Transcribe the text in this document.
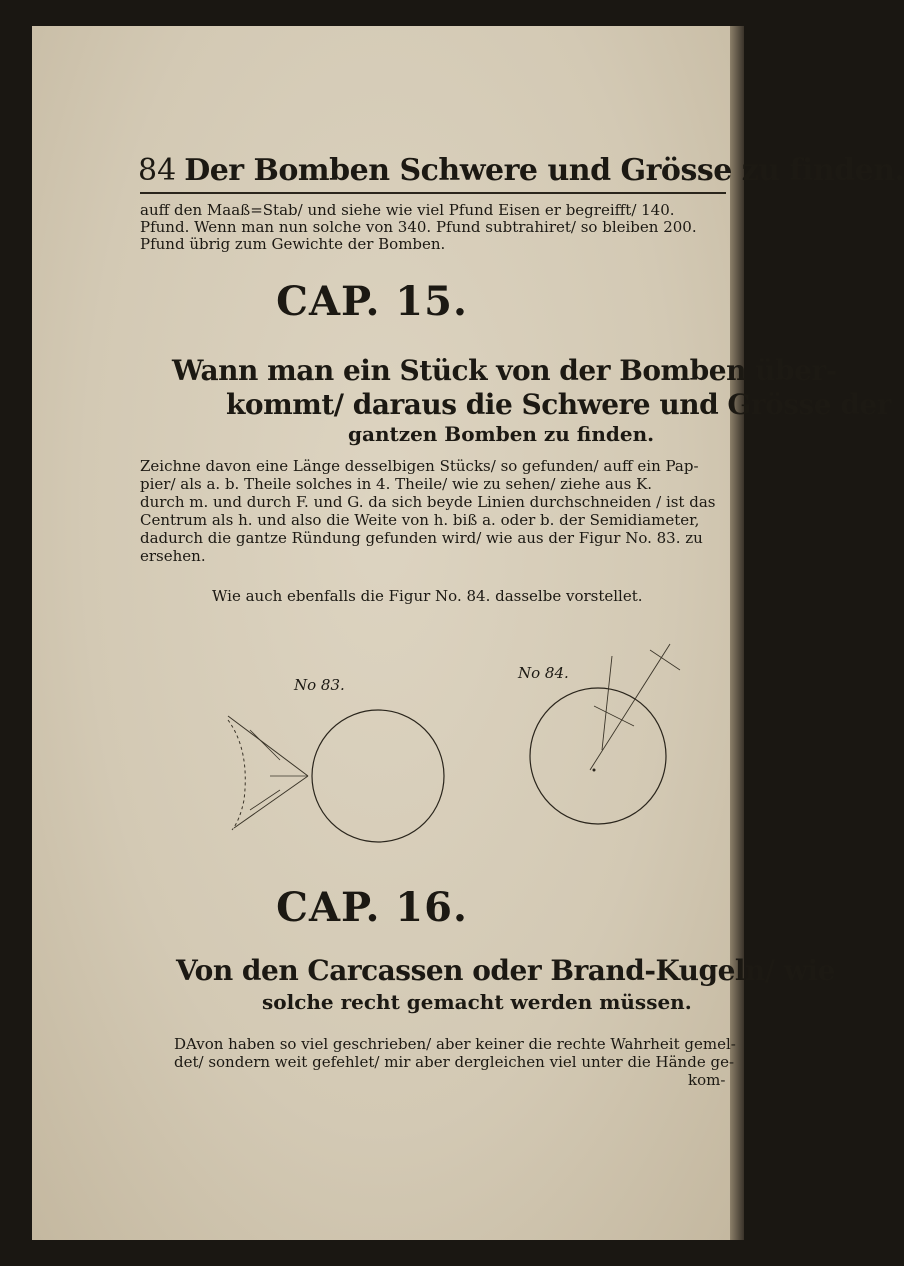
84 Der Bomben Schwere und Grösse zu finden.
auff den Maaß=Stab/ und siehe wie viel Pfund Eisen er begreifft/ 140.
Pfund. Wenn man nun solche von 340. Pfund subtrahiret/ so bleiben 200.
Pfund übrig zum Gewichte der Bomben.
CAP. 15.
Wann man ein Stück von der Bomben über-
kommt/ daraus die Schwere und Grösse der
gantzen Bomben zu finden.
Zeichne davon eine Länge desselbigen Stücks/ so gefunden/ auff ein Pap-
pier/ als a. b. Theile solches in 4. Theile/ wie zu sehen/ ziehe aus K.
durch m. und durch F. und G. da sich beyde Linien durchschneiden / ist das
Centrum als h. und also die Weite von h. biß a. oder b. der Semidiameter,
dadurch die gantze Ründung gefunden wird/ wie aus der Figur No. 83. zu
ersehen.
Wie auch ebenfalls die Figur No. 84. dasselbe vorstellet.
No 83.
No 84.
CAP. 16.
Von den Carcassen oder Brand-Kugeln/ wie
solche recht gemacht werden müssen.
DAvon haben so viel geschrieben/ aber keiner die rechte Wahrheit gemel-
det/ sondern weit gefehlet/ mir aber dergleichen viel unter die Hände ge-
kom-
